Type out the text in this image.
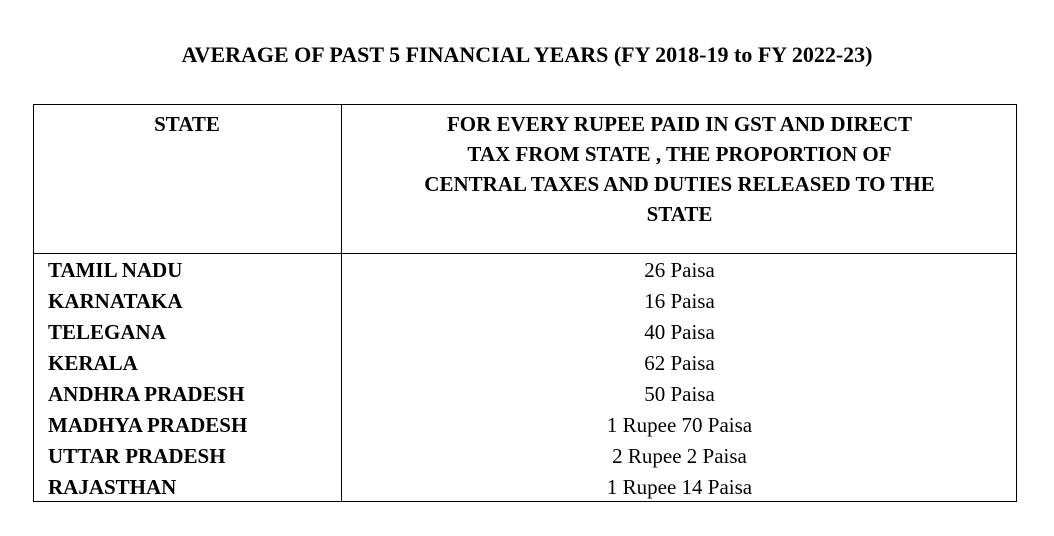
AVERAGE OF PAST 5 FINANCIAL YEARS (FY 2018-19 to FY 2022-23)
STATE	FOR EVERY RUPEE PAID IN GST AND DIRECT
TAX FROM STATE , THE PROPORTION OF
CENTRAL TAXES AND DUTIES RELEASED TO THE
STATE
TAMIL NADU	26 Paisa
KARNATAKA	16 Paisa
TELEGANA	40 Paisa
KERALA	62 Paisa
ANDHRA PRADESH	50 Paisa
MADHYA PRADESH	1 Rupee 70 Paisa
UTTAR PRADESH	2 Rupee 2 Paisa
RAJASTHAN	1 Rupee 14 Paisa
